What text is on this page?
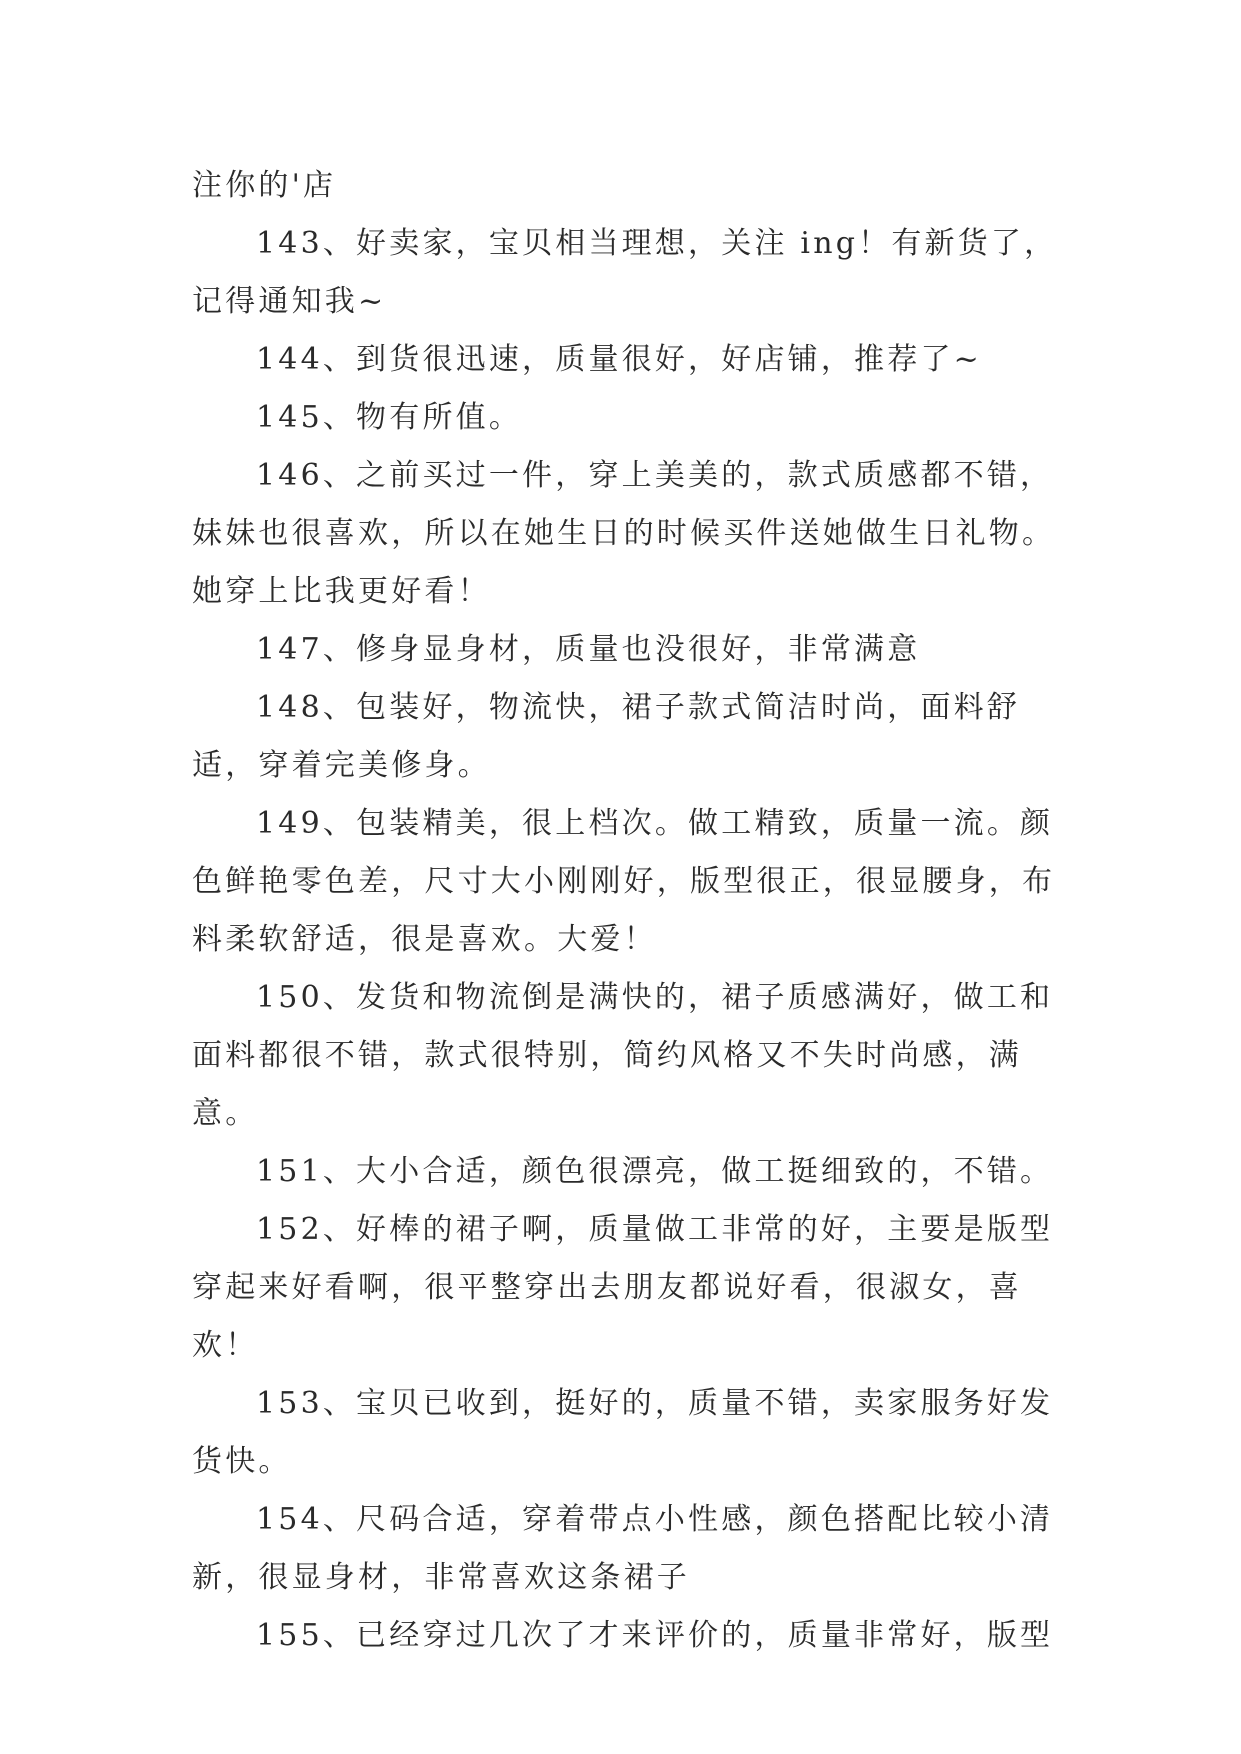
注你的'店

143、好卖家，宝贝相当理想，关注 ing！有新货了，记得通知我~

144、到货很迅速，质量很好，好店铺，推荐了~

145、物有所值。

146、之前买过一件，穿上美美的，款式质感都不错，妹妹也很喜欢，所以在她生日的时候买件送她做生日礼物。她穿上比我更好看！

147、修身显身材，质量也没很好，非常满意

148、包装好，物流快，裙子款式简洁时尚，面料舒适，穿着完美修身。

149、包装精美，很上档次。做工精致，质量一流。颜色鲜艳零色差，尺寸大小刚刚好，版型很正，很显腰身，布料柔软舒适，很是喜欢。大爱！

150、发货和物流倒是满快的，裙子质感满好，做工和面料都很不错，款式很特别，简约风格又不失时尚感，满意。

151、大小合适，颜色很漂亮，做工挺细致的，不错。

152、好棒的裙子啊，质量做工非常的好，主要是版型穿起来好看啊，很平整穿出去朋友都说好看，很淑女，喜欢！

153、宝贝已收到，挺好的，质量不错，卖家服务好发货快。

154、尺码合适，穿着带点小性感，颜色搭配比较小清新，很显身材，非常喜欢这条裙子

155、已经穿过几次了才来评价的，质量非常好，版型
